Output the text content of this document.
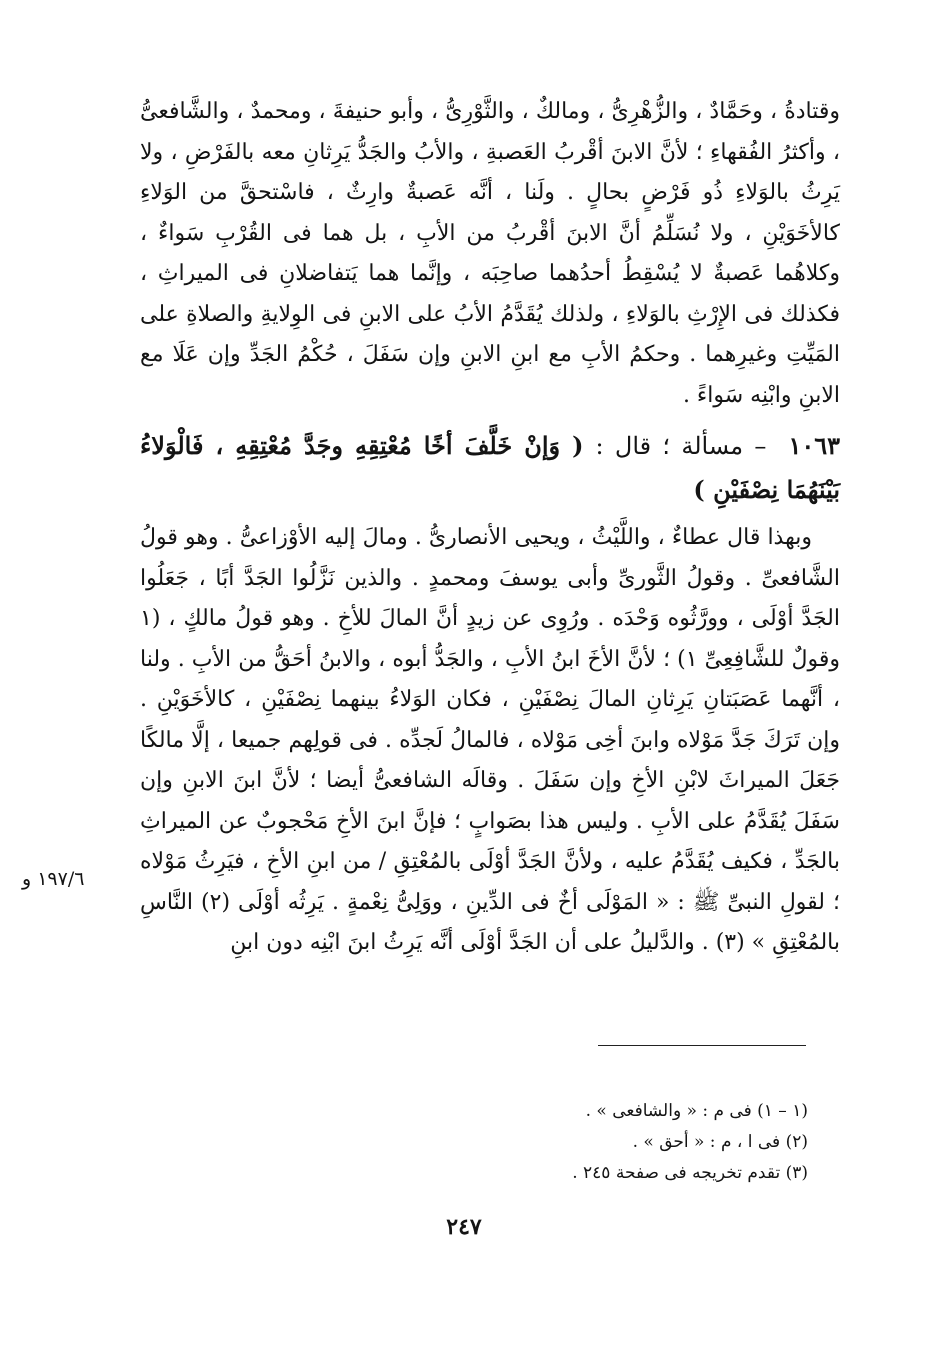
وقتادةُ ، وحَمَّادٌ ، والزُّهْرِىُّ ، ومالكٌ ، والثَّوْرِىُّ ، وأبو حنيفةَ ، ومحمدٌ ، والشَّافعىُّ ، وأكثرُ الفُقهاءِ ؛ لأنَّ الابنَ أقْربُ العَصبةِ ، والأبُ والجَدُّ يَرِثانِ معه بالفَرْضِ ، ولا يَرِثُ بالوَلاءِ ذُو فَرْضٍ بحالٍ . ولَنا ، أنَّه عَصبةٌ وارِثٌ ، فاسْتحقَّ من الوَلاءِ كالأخَوَيْنِ ، ولا نُسَلِّمُ أنَّ الابنَ أقْربُ من الأبِ ، بل هما فى القُرْبِ سَواءٌ ، وكلاهُما عَصبةٌ لا يُسْقِطُ أحدُهما صاحِبَه ، وإنَّما هما يَتفاضلانِ فى الميراثِ ، فكذلك فى الإِرْثِ بالوَلاءِ ، ولذلك يُقَدَّمُ الأبُ على الابنِ فى الوِلايةِ والصلاةِ على المَيِّتِ وغيرِهما . وحكمُ الأبِ مع ابنِ الابنِ وإن سَفَلَ ، حُكْمُ الجَدِّ وإن عَلَا مع الابنِ وابْنِه سَواءً .

١٠٦٣ – مسألة ؛ قال : ( وَإنْ خَلَّفَ أخًا مُعْتِقِهِ وجَدَّ مُعْتِقِهِ ، فَالْوَلاءُ بَيْنَهُمَا نِصْفَيْنِ )

وبهذا قال عطاءٌ ، واللَّيْثُ ، ويحيى الأنصارىُّ . ومالَ إليه الأوْزاعىُّ . وهو قولُ الشَّافعىِّ . وقولُ الثَّورىِّ وأبى يوسفَ ومحمدٍ . والذين نَزَّلُوا الجَدَّ أبًا ، جَعَلُوا الجَدَّ أوْلَى ، وورَّثُوه وَحْدَه . ورُوِى عن زيدٍ أنَّ المالَ للأخِ . وهو قولُ مالكٍ ، (١ وقولٌ للشَّافِعِىِّ ١) ؛ لأنَّ الأخَ ابنُ الأبِ ، والجَدُّ أبوه ، والابنُ أحَقُّ من الأبِ . ولنا ، أنَّهما عَصَبَتانِ يَرِثانِ المالَ نِصْفَيْنِ ، فكان الوَلاءُ بينهما نِصْفَيْنِ ، كالأخَوَيْنِ . وإن تَرَكَ جَدَّ مَوْلاه وابنَ أخِى مَوْلاه ، فالمالُ لَجدِّه . فى قولِهم جميعا ، إلَّا مالكًا جَعَلَ الميراثَ لابْنِ الأخِ وإن سَفَلَ . وقالَه الشافعىُّ أيضا ؛ لأنَّ ابنَ الابنِ وإن سَفَلَ يُقَدَّمُ على الأبِ . وليس هذا بصَوابٍ ؛ فإنَّ ابنَ الأخِ مَحْجوبٌ عن الميراثِ بالجَدِّ ، فكيف يُقَدَّمُ عليه ، ولأنَّ الجَدَّ أوْلَى بالمُعْتِقِ / من ابنِ الأخِ ، فيَرِثُ مَوْلاه ؛ لقولِ النبىِّ ﷺ : « المَوْلَى أخٌ فى الدِّينِ ، ووَلِىُّ نِعْمةٍ . يَرِثُه أوْلَى (٢) النَّاسِ بالمُعْتِقِ » (٣) . والدَّليلُ على أن الجَدَّ أوْلَى أنَّه يَرِثُ ابنَ ابْنِه دون ابنِ

١٩٧/٦ و
(١ – ١) فى م : « والشافعى » .
(٢) فى ا ، م : « أحق » .
(٣) تقدم تخريجه فى صفحة ٢٤٥ .
٢٤٧
